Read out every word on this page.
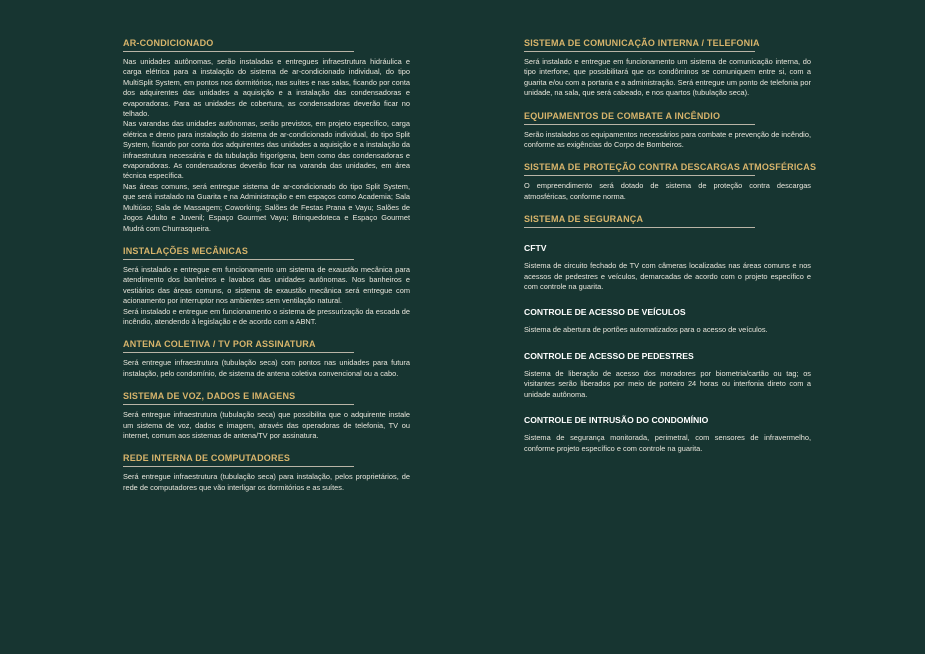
AR-CONDICIONADO

Nas unidades autônomas, serão instaladas e entregues infraestrutura hidráulica e carga elétrica para a instalação do sistema de ar-condicionado individual, do tipo MultiSplit System, em pontos nos dormitórios, nas suítes e nas salas, ficando por conta dos adquirentes das unidades a aquisição e a instalação das condensadoras e evaporadoras. Para as unidades de cobertura, as condensadoras deverão ficar no telhado.

Nas varandas das unidades autônomas, serão previstos, em projeto específico, carga elétrica e dreno para instalação do sistema de ar-condicionado individual, do tipo Split System, ficando por conta dos adquirentes das unidades a aquisição e a instalação da infraestrutura necessária e da tubulação frigorígena, bem como das condensadoras e evaporadoras. As condensadoras deverão ficar na varanda das unidades, em área técnica específica.

Nas áreas comuns, será entregue sistema de ar-condicionado do tipo Split System, que será instalado na Guarita e na Administração e em espaços como Academia; Sala Multiúso; Sala de Massagem; Coworking; Salões de Festas Prana e Vayu; Salões de Jogos Adulto e Juvenil; Espaço Gourmet Vayu; Brinquedoteca e Espaço Gourmet Mudrá com Churrasqueira.

INSTALAÇÕES MECÂNICAS

Será instalado e entregue em funcionamento um sistema de exaustão mecânica para atendimento dos banheiros e lavabos das unidades autônomas. Nos banheiros e vestiários das áreas comuns, o sistema de exaustão mecânica será entregue com acionamento por interruptor nos ambientes sem ventilação natural.

Será instalado e entregue em funcionamento o sistema de pressurização da escada de incêndio, atendendo à legislação e de acordo com a ABNT.

ANTENA COLETIVA / TV POR ASSINATURA

Será entregue infraestrutura (tubulação seca) com pontos nas unidades para futura instalação, pelo condomínio, de sistema de antena coletiva convencional ou a cabo.

SISTEMA DE VOZ, DADOS E IMAGENS

Será entregue infraestrutura (tubulação seca) que possibilita que o adquirente instale um sistema de voz, dados e imagem, através das operadoras de telefonia, TV ou internet, comum aos sistemas de antena/TV por assinatura.

REDE INTERNA DE COMPUTADORES

Será entregue infraestrutura (tubulação seca) para instalação, pelos proprietários, de rede de computadores que vão interligar os dormitórios e as suítes.

SISTEMA DE COMUNICAÇÃO INTERNA / TELEFONIA

Será instalado e entregue em funcionamento um sistema de comunicação interna, do tipo interfone, que possibilitará que os condôminos se comuniquem entre si, com a guarita e/ou com a portaria e a administração. Será entregue um ponto de telefonia por unidade, na sala, que será cabeado, e nos quartos (tubulação seca).

EQUIPAMENTOS DE COMBATE A INCÊNDIO

Serão instalados os equipamentos necessários para combate e prevenção de incêndio, conforme as exigências do Corpo de Bombeiros.

SISTEMA DE PROTEÇÃO CONTRA DESCARGAS ATMOSFÉRICAS

O empreendimento será dotado de sistema de proteção contra descargas atmosféricas, conforme norma.

SISTEMA DE SEGURANÇA
CFTV

Sistema de circuito fechado de TV com câmeras localizadas nas áreas comuns e nos acessos de pedestres e veículos, demarcadas de acordo com o projeto específico e com controle na guarita.

CONTROLE DE ACESSO DE VEÍCULOS

Sistema de abertura de portões automatizados para o acesso de veículos.

CONTROLE DE ACESSO DE PEDESTRES

Sistema de liberação de acesso dos moradores por biometria/cartão ou tag; os visitantes serão liberados por meio de porteiro 24 horas ou interfonia direto com a unidade autônoma.

CONTROLE DE INTRUSÃO DO CONDOMÍNIO

Sistema de segurança monitorada, perimetral, com sensores de infravermelho, conforme projeto específico e com controle na guarita.
